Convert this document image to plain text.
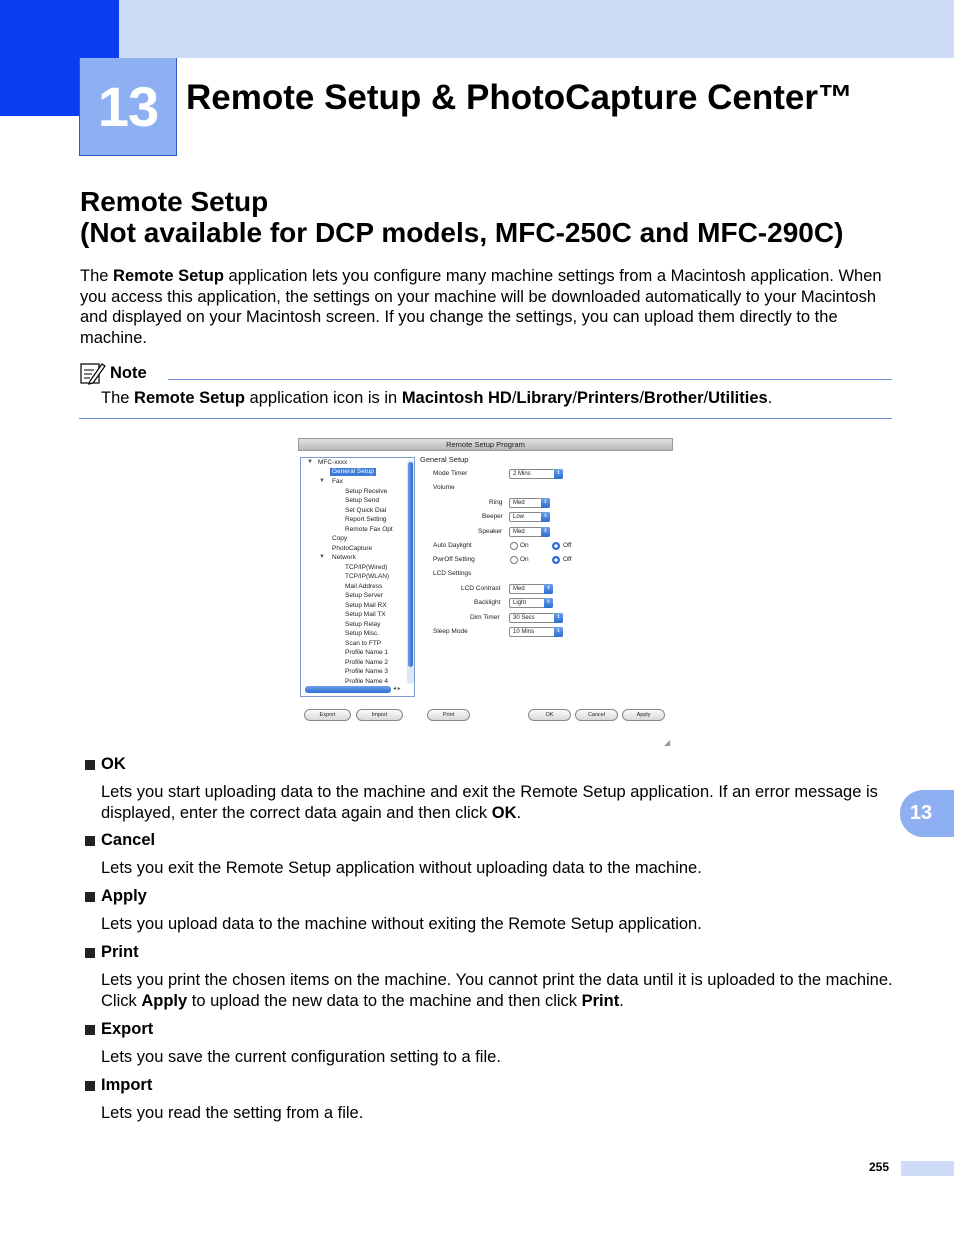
13 Remote Setup & PhotoCapture Center™
Remote Setup
(Not available for DCP models, MFC-250C and MFC-290C)
The Remote Setup application lets you configure many machine settings from a Macintosh application. When you access this application, the settings on your machine will be downloaded automatically to your Macintosh and displayed on your Macintosh screen. If you change the settings, you can upload them directly to the machine.
Note
The Remote Setup application icon is in Macintosh HD/Library/Printers/Brother/Utilities.
Remote Setup Program
▼ MFC-xxxx
General Setup
▼ Fax
Setup Receive
Setup Send
Set Quick Dial
Report Setting
Remote Fax Opt
Copy
PhotoCapture
▼ Network
TCP/IP(Wired)
TCP/IP(WLAN)
Mail Address
Setup Server
Setup Mail RX
Setup Mail TX
Setup Relay
Setup Misc.
Scan to FTP
Profile Name 1
Profile Name 2
Profile Name 3
Profile Name 4
◂ ▸
General Setup
Mode Timer	2 Mins	⇕
Volume
Ring	Med	⇕
Beeper	Low	⇕
Speaker	Med	⇕
Auto Daylight	On	Off
PwrOff Setting	On	Off
LCD Settings
LCD Contrast	Med	⇕
Backlight	Light	⇕
Dim Timer	30 Secs	⇕
Sleep Mode	10 Mins	⇕
Export	Import	Print	OK	Cancel	Apply
◢
OK
Lets you start uploading data to the machine and exit the Remote Setup application. If an error message is displayed, enter the correct data again and then click OK.
Cancel
Lets you exit the Remote Setup application without uploading data to the machine.
Apply
Lets you upload data to the machine without exiting the Remote Setup application.
Print
Lets you print the chosen items on the machine. You cannot print the data until it is uploaded to the machine. Click Apply to upload the new data to the machine and then click Print.
Export
Lets you save the current configuration setting to a file.
Import
Lets you read the setting from a file.
13
255
